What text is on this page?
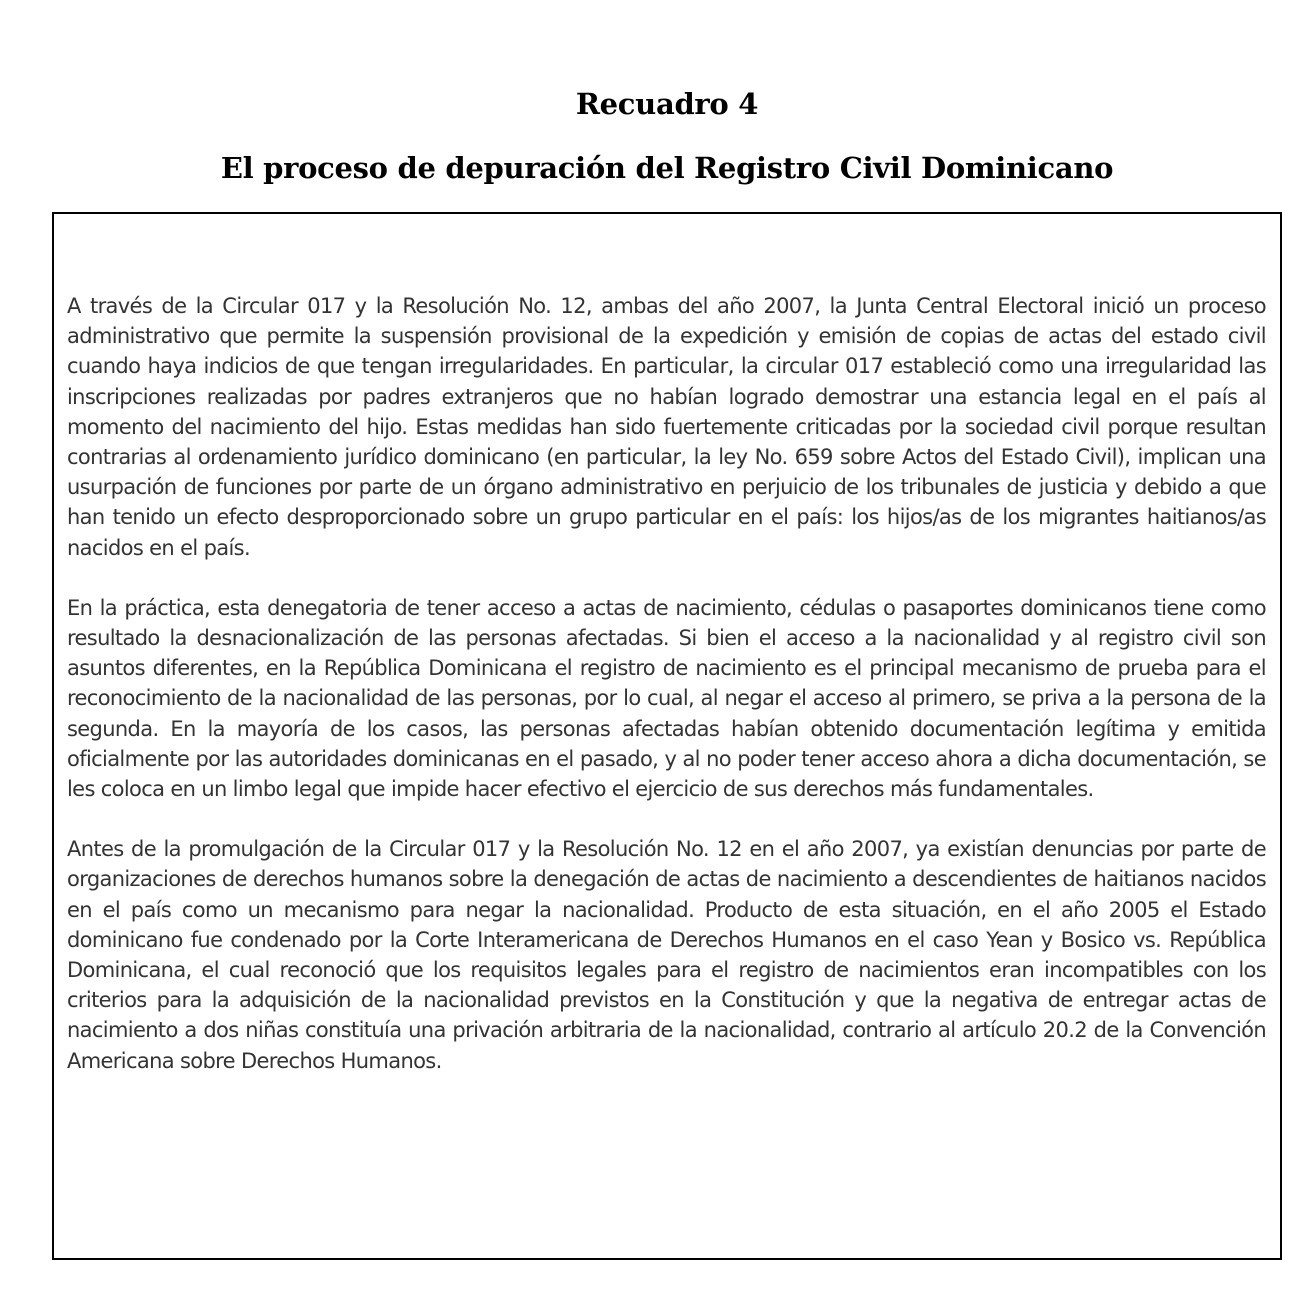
Recuadro 4
El proceso de depuración del Registro Civil Dominicano

A través de la Circular 017 y la Resolución No. 12, ambas del año 2007, la Junta Central Electoral inició un proceso administrativo que permite la suspensión provisional de la expedición y emisión de copias de actas del estado civil cuando haya indicios de que tengan irregularidades. En particular, la circular 017 estableció como una irregularidad las inscripciones realizadas por padres extranjeros que no habían logrado demostrar una estancia legal en el país al momento del nacimiento del hijo. Estas medidas han sido fuertemente criticadas por la sociedad civil porque resultan contrarias al ordenamiento jurídico dominicano (en particular, la ley No. 659 sobre Actos del Estado Civil), implican una usurpación de funciones por parte de un órgano administrativo en perjuicio de los tribunales de justicia y debido a que han tenido un efecto desproporcionado sobre un grupo particular en el país: los hijos/as de los migrantes haitianos/as nacidos en el país.

En la práctica, esta denegatoria de tener acceso a actas de nacimiento, cédulas o pasaportes dominicanos tiene como resultado la desnacionalización de las personas afectadas. Si bien el acceso a la nacionalidad y al registro civil son asuntos diferentes, en la República Dominicana el registro de nacimiento es el principal mecanismo de prueba para el reconocimiento de la nacionalidad de las personas, por lo cual, al negar el acceso al primero, se priva a la persona de la segunda. En la mayoría de los casos, las personas afectadas habían obtenido documentación legítima y emitida oficialmente por las autoridades dominicanas en el pasado, y al no poder tener acceso ahora a dicha documentación, se les coloca en un limbo legal que impide hacer efectivo el ejercicio de sus derechos más fundamentales.

Antes de la promulgación de la Circular 017 y la Resolución No. 12 en el año 2007, ya existían denuncias por parte de organizaciones de derechos humanos sobre la denegación de actas de nacimiento a descendientes de haitianos nacidos en el país como un mecanismo para negar la nacionalidad. Producto de esta situación, en el año 2005 el Estado dominicano fue condenado por la Corte Interamericana de Derechos Humanos en el caso Yean y Bosico vs. República Dominicana, el cual reconoció que los requisitos legales para el registro de nacimientos eran incompatibles con los criterios para la adquisición de la nacionalidad previstos en la Constitución y que la negativa de entregar actas de nacimiento a dos niñas constituía una privación arbitraria de la nacionalidad, contrario al artículo 20.2 de la Convención Americana sobre Derechos Humanos.
